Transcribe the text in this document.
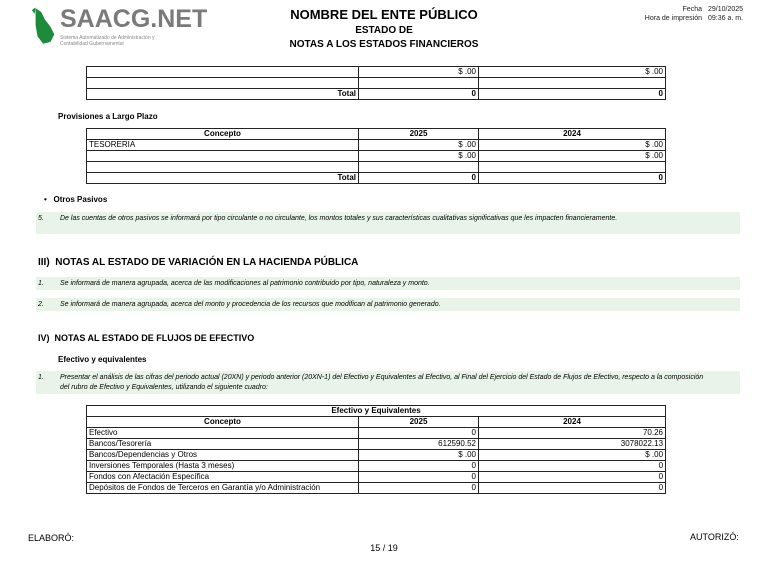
SAACG.NET
Sistema Automatizado de Administración y
Contabilidad Gubernamental
NOMBRE DEL ENTE PÚBLICO
ESTADO DE
NOTAS A LOS ESTADOS FINANCIEROS
Fecha 29/10/2025
Hora de impresión 09:36 a. m.
	$ .00	$ .00

Total	0	0
Provisiones a Largo Plazo
Concepto	2025	2024
TESORERIA	$ .00	$ .00
	$ .00	$ .00

Total	0	0
•   Otros Pasivos
5. De las cuentas de otros pasivos se informará por tipo circulante o no circulante, los montos totales y sus características cualitativas significativas que les impacten financieramente.
III) NOTAS AL ESTADO DE VARIACIÓN EN LA HACIENDA PÚBLICA
1. Se informará de manera agrupada, acerca de las modificaciones al patrimonio contribuido por tipo, naturaleza y monto.
2. Se informará de manera agrupada, acerca del monto y procedencia de los recursos que modifican al patrimonio generado.
IV) NOTAS AL ESTADO DE FLUJOS DE EFECTIVO
Efectivo y equivalentes
1. Presentar el análisis de las cifras del periodo actual (20XN) y periodo anterior (20XN-1) del Efectivo y Equivalentes al Efectivo, al Final del Ejercicio del Estado de Flujos de Efectivo, respecto a la composición
del rubro de Efectivo y Equivalentes, utilizando el siguiente cuadro:
Efectivo y Equivalentes		
Concepto	2025	2024
Efectivo	0	70.26
Bancos/Tesorería	612590.52	3078022.13
Bancos/Dependencias y Otros	$ .00	$ .00
Inversiones Temporales (Hasta 3 meses)	0	0
Fondos con Afectación Específica	0	0
Depósitos de Fondos de Terceros en Garantía y/o Administración	0	0
ELABORÓ:	AUTORIZÓ:
15 / 19
